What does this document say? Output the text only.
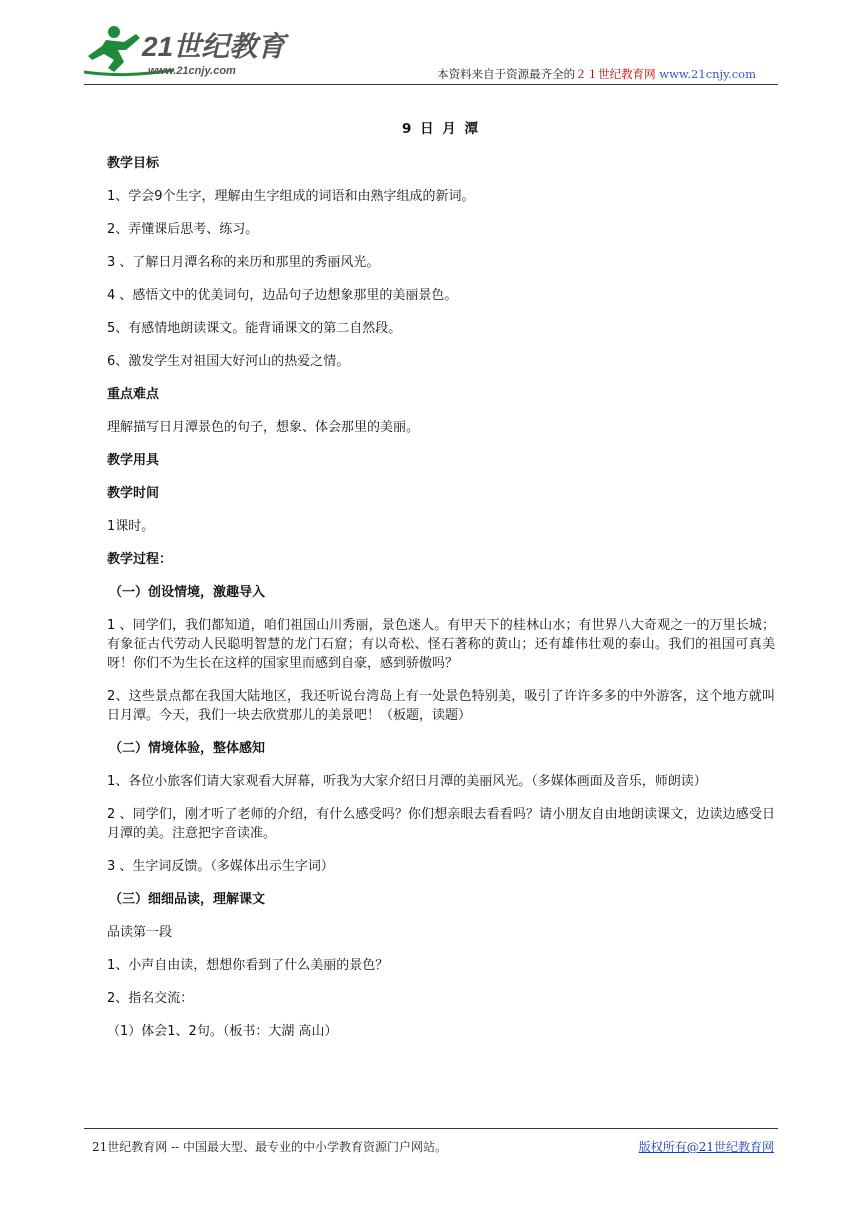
21世纪教育
www.21cnjy.com	本资料来自于资源最齐全的２１世纪教育网 www.21cnjy.com
9 日 月 潭
教学目标
1、学会9个生字，理解由生字组成的词语和由熟字组成的新词。
2、弄懂课后思考、练习。
3 、了解日月潭名称的来历和那里的秀丽风光。
4 、感悟文中的优美词句，边品句子边想象那里的美丽景色。
5、有感情地朗读课文。能背诵课文的第二自然段。
6、激发学生对祖国大好河山的热爱之情。
重点难点
理解描写日月潭景色的句子，想象、体会那里的美丽。
教学用具
教学时间
1课时。
教学过程：
（一）创设情境，激趣导入
1 、同学们，我们都知道，咱们祖国山川秀丽，景色迷人。有甲天下的桂林山水；有世界八大奇观之一的万里长城；有象征古代劳动人民聪明智慧的龙门石窟；有以奇松、怪石著称的黄山；还有雄伟壮观的泰山。我们的祖国可真美呀！你们不为生长在这样的国家里而感到自豪，感到骄傲吗？
2、这些景点都在我国大陆地区，我还听说台湾岛上有一处景色特别美，吸引了许许多多的中外游客，这个地方就叫日月潭。今天，我们一块去欣赏那儿的美景吧！（板题，读题）
（二）情境体验，整体感知
1、各位小旅客们请大家观看大屏幕，听我为大家介绍日月潭的美丽风光。（多媒体画面及音乐，师朗读）
2 、同学们，刚才听了老师的介绍，有什么感受吗？你们想亲眼去看看吗？请小朋友自由地朗读课文，边读边感受日月潭的美。注意把字音读准。
3 、生字词反馈。（多媒体出示生字词）
（三）细细品读，理解课文
品读第一段
1、小声自由读，想想你看到了什么美丽的景色？
2、指名交流：
（1）体会1、2句。（板书：大湖 高山）
21世纪教育网 -- 中国最大型、最专业的中小学教育资源门户网站。	版权所有@21世纪教育网
